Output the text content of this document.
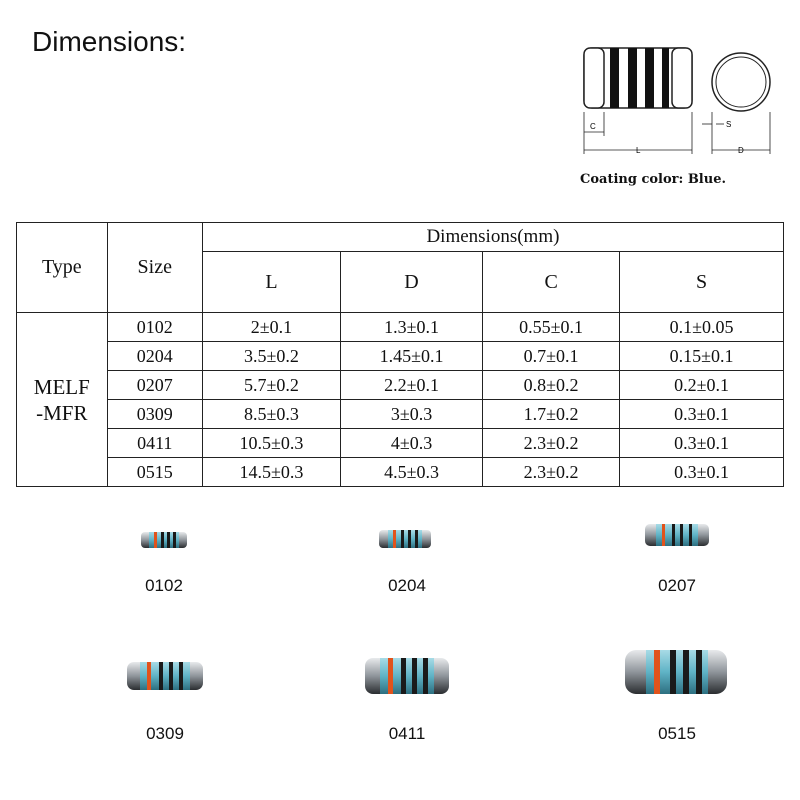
Dimensions:
C
L
S
D
Coating color: Blue.
Type	Size	Dimensions(mm)			
		L	D	C	S
MELF
-MFR	0102	2±0.1	1.3±0.1	0.55±0.1	0.1±0.05
	0204	3.5±0.2	1.45±0.1	0.7±0.1	0.15±0.1
	0207	5.7±0.2	2.2±0.1	0.8±0.2	0.2±0.1
	0309	8.5±0.3	3±0.3	1.7±0.2	0.3±0.1
	0411	10.5±0.3	4±0.3	2.3±0.2	0.3±0.1
	0515	14.5±0.3	4.5±0.3	2.3±0.2	0.3±0.1
0102	0204	0207
0309	0411	0515
